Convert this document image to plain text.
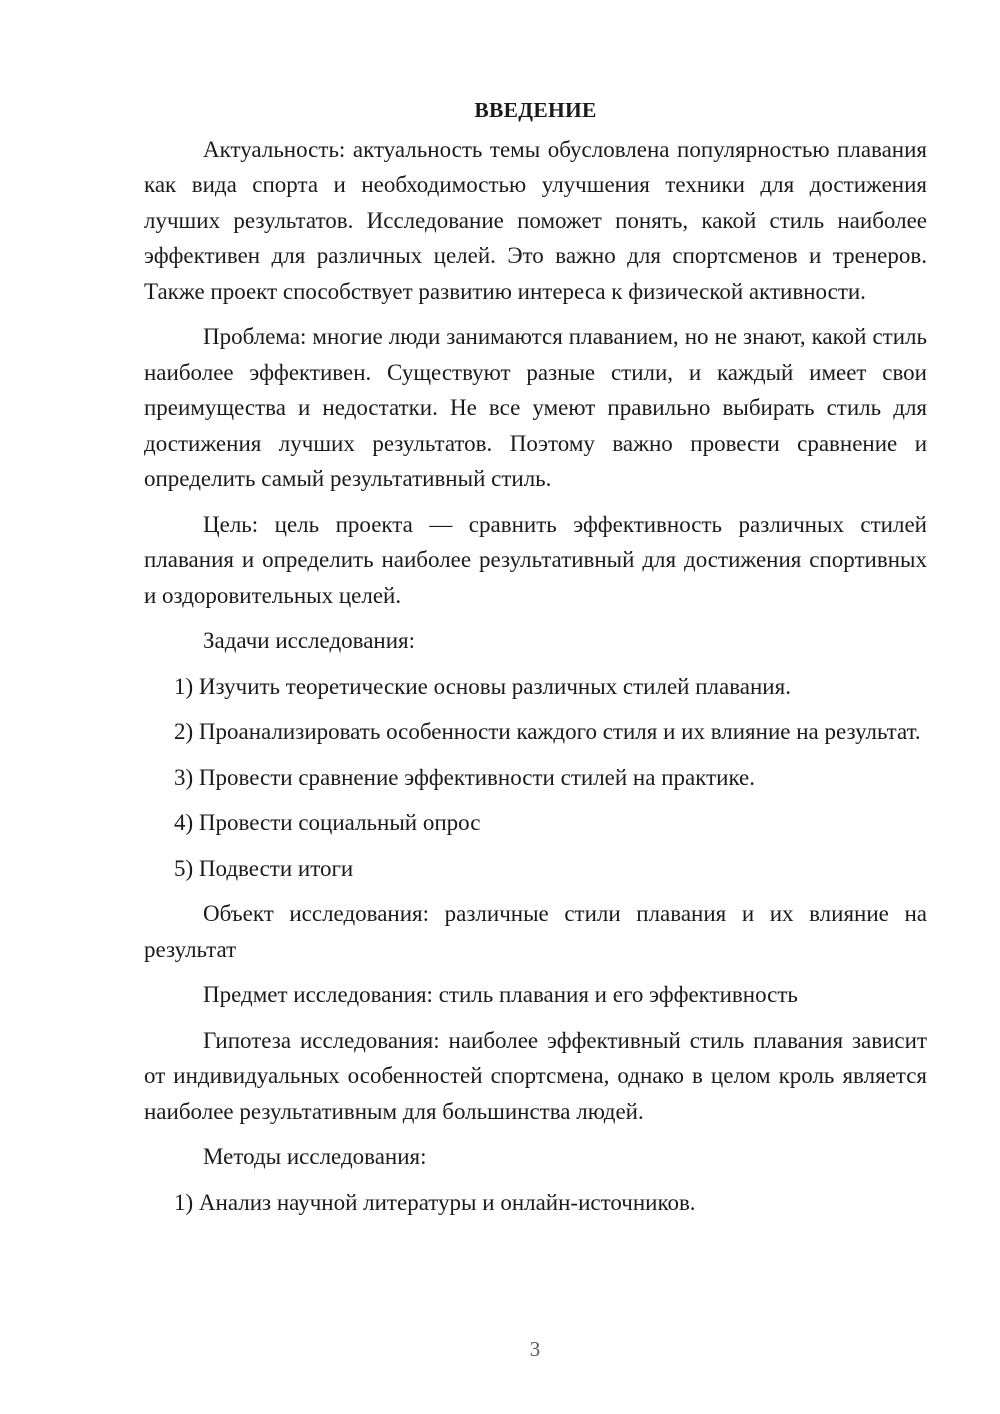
ВВЕДЕНИЕ

Актуальность: актуальность темы обусловлена популярностью плавания как вида спорта и необходимостью улучшения техники для достижения лучших результатов. Исследование поможет понять, какой стиль наиболее эффективен для различных целей. Это важно для спортсменов и тренеров. Также проект способствует развитию интереса к физической активности.

Проблема: многие люди занимаются плаванием, но не знают, какой стиль наиболее эффективен. Существуют разные стили, и каждый имеет свои преимущества и недостатки. Не все умеют правильно выбирать стиль для достижения лучших результатов. Поэтому важно провести сравнение и определить самый результативный стиль.

Цель: цель проекта — сравнить эффективность различных стилей плавания и определить наиболее результативный для достижения спортивных и оздоровительных целей.

Задачи исследования:

1) Изучить теоретические основы различных стилей плавания.

2) Проанализировать особенности каждого стиля и их влияние на результат.

3) Провести сравнение эффективности стилей на практике.

4) Провести социальный опрос

5) Подвести итоги

Объект исследования: различные стили плавания и их влияние на результат

Предмет исследования: стиль плавания и его эффективность

Гипотеза исследования: наиболее эффективный стиль плавания зависит от индивидуальных особенностей спортсмена, однако в целом кроль является наиболее результативным для большинства людей.

Методы исследования:

1) Анализ научной литературы и онлайн-источников.

3
